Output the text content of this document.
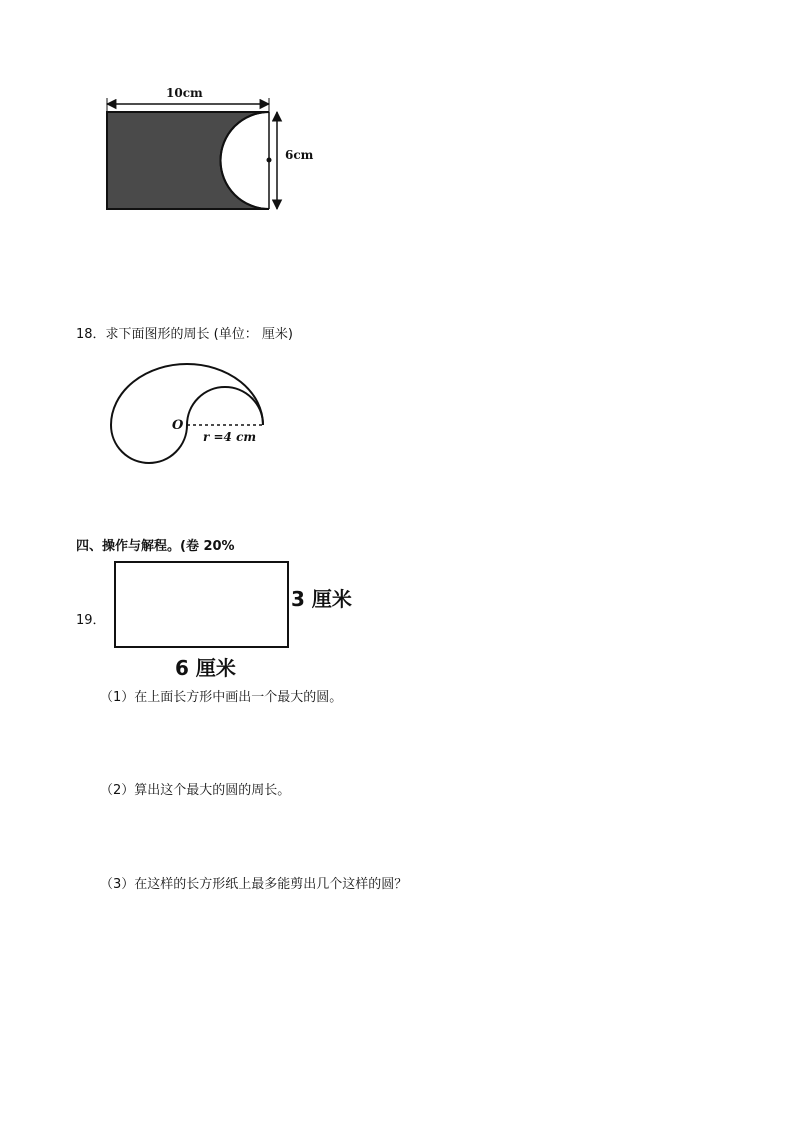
10cm
6cm
18．求下面图形的周长 (单位： 厘米)
O
r =4 cm
四、操作与解程。(卷 20%
19．
3 厘米
6 厘米
（1）在上面长方形中画出一个最大的圆。
（2）算出这个最大的圆的周长。
（3）在这样的长方形纸上最多能剪出几个这样的圆？
